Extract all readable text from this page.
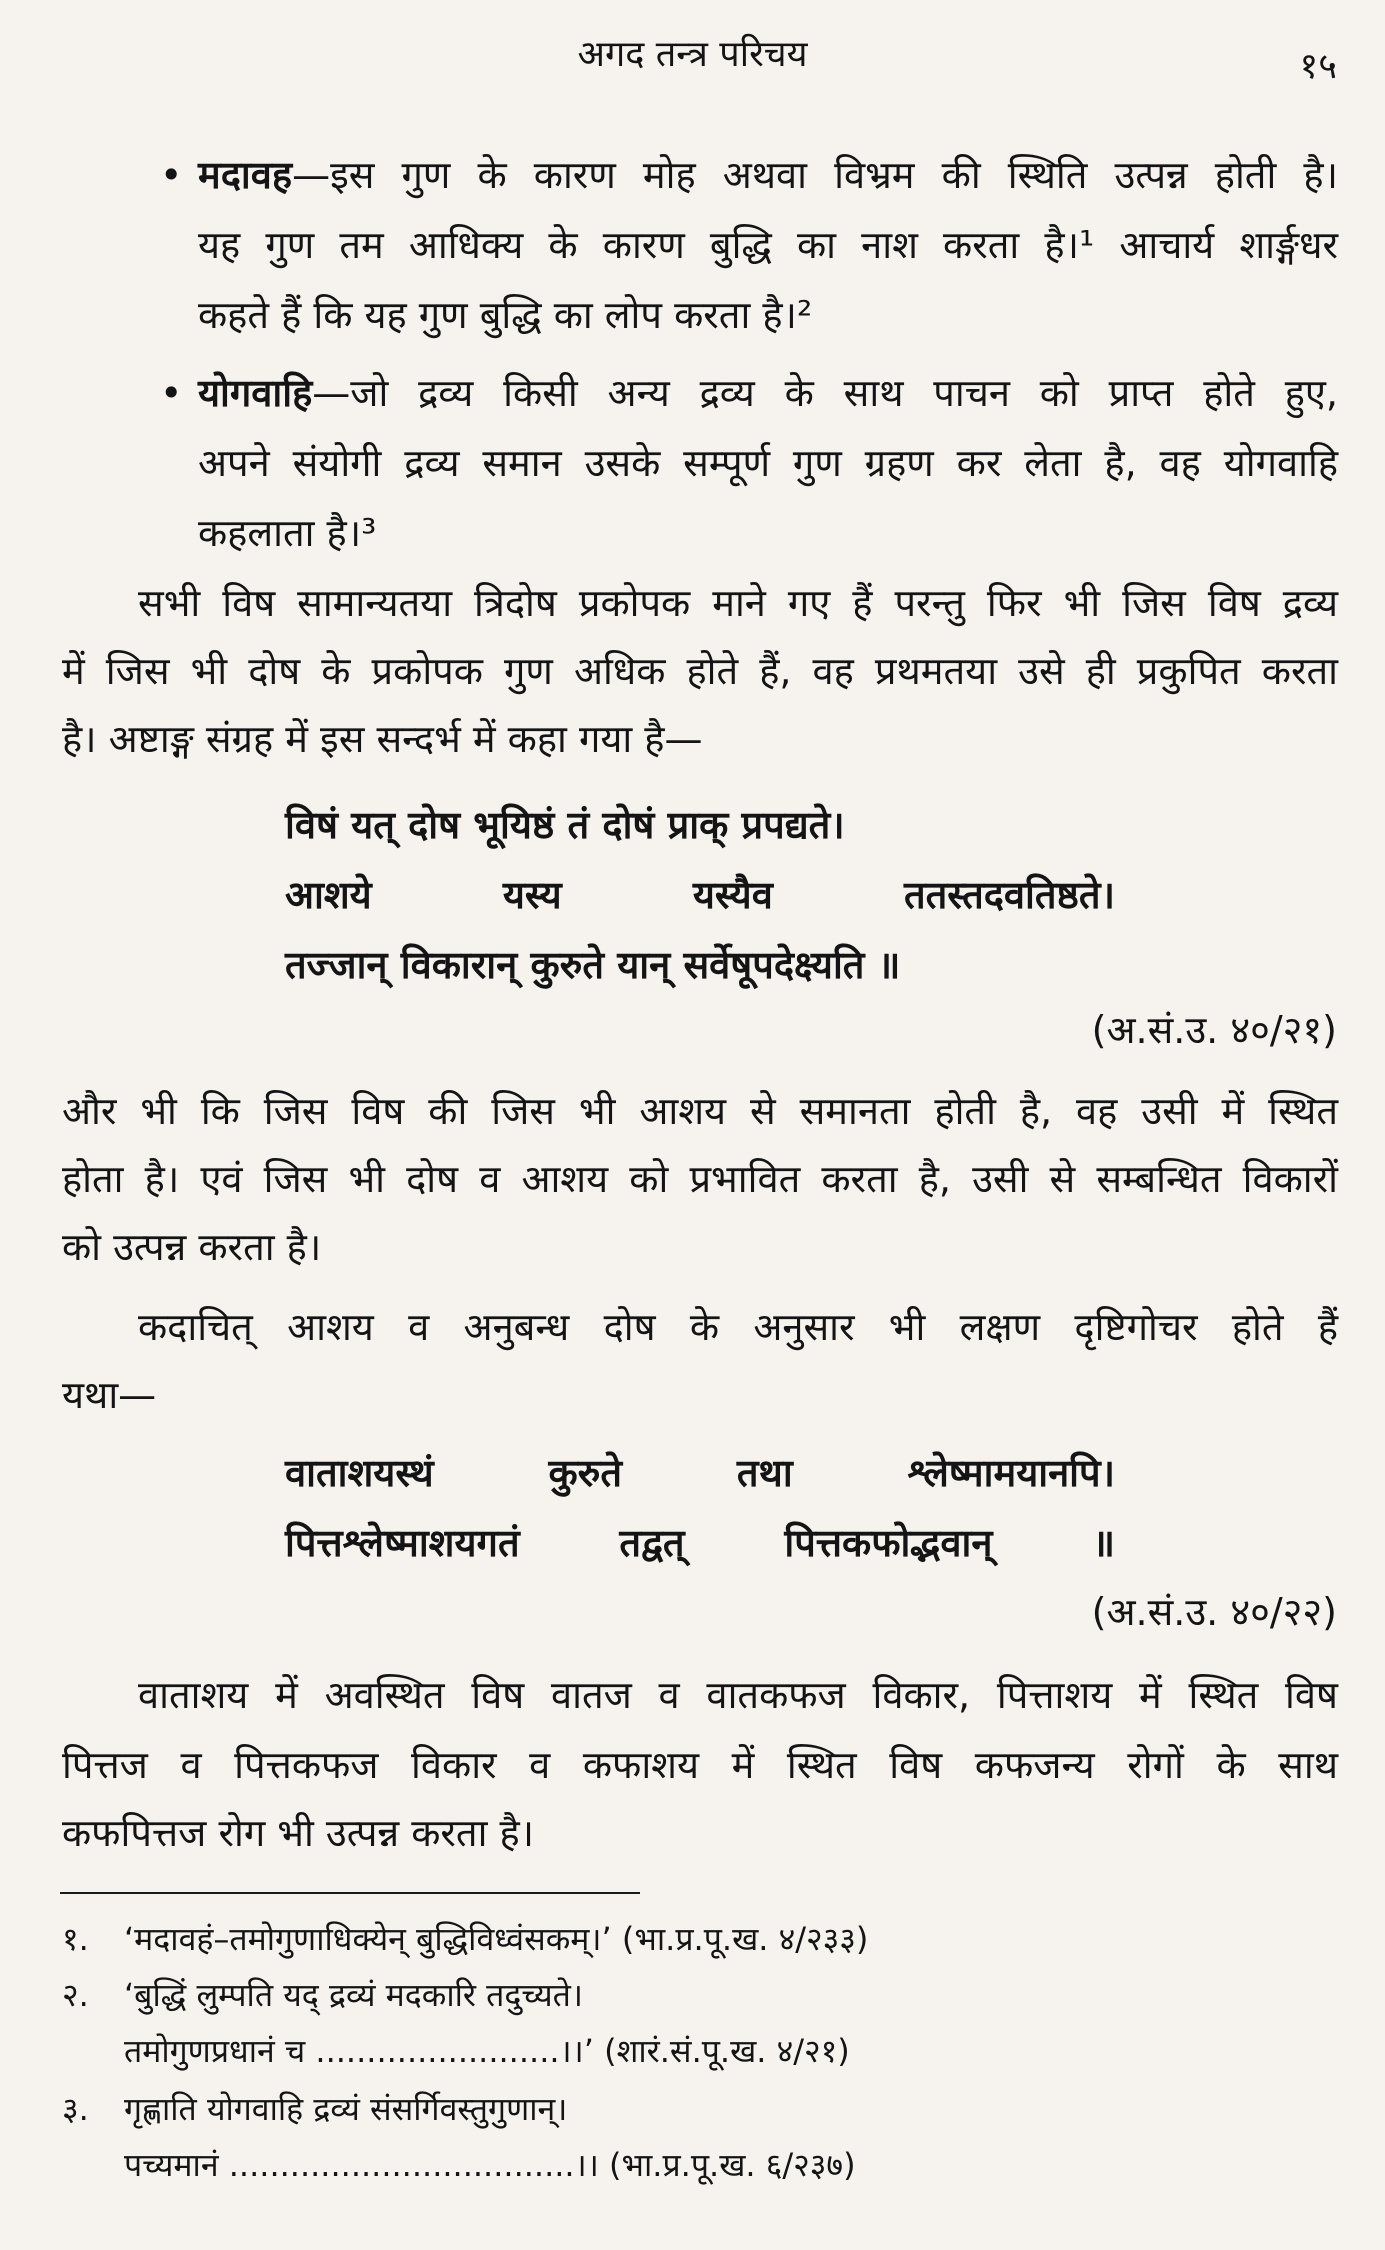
अगद तन्त्र परिचय	१५
• मदावह—इस गुण के कारण मोह अथवा विभ्रम की स्थिति उत्पन्न होती है।
यह गुण तम आधिक्य के कारण बुद्धि का नाश करता है।¹ आचार्य शार्ङ्गधर
कहते हैं कि यह गुण बुद्धि का लोप करता है।²
• योगवाहि—जो द्रव्य किसी अन्य द्रव्य के साथ पाचन को प्राप्त होते हुए,
अपने संयोगी द्रव्य समान उसके सम्पूर्ण गुण ग्रहण कर लेता है, वह योगवाहि
कहलाता है।³
सभी विष सामान्यतया त्रिदोष प्रकोपक माने गए हैं परन्तु फिर भी जिस विष द्रव्य
में जिस भी दोष के प्रकोपक गुण अधिक होते हैं, वह प्रथमतया उसे ही प्रकुपित करता
है। अष्टाङ्ग संग्रह में इस सन्दर्भ में कहा गया है—
विषं यत् दोष भूयिष्ठं तं दोषं प्राक् प्रपद्यते।
आशये यस्य यस्यैव ततस्तदवतिष्ठते।
तज्जान् विकारान् कुरुते यान् सर्वेषूपदेक्ष्यति ॥
(अ.सं.उ. ४०/२१)
और भी कि जिस विष की जिस भी आशय से समानता होती है, वह उसी में स्थित
होता है। एवं जिस भी दोष व आशय को प्रभावित करता है, उसी से सम्बन्धित विकारों
को उत्पन्न करता है।
कदाचित् आशय व अनुबन्ध दोष के अनुसार भी लक्षण दृष्टिगोचर होते हैं
यथा—
वाताशयस्थं कुरुते तथा श्लेष्मामयानपि।
पित्तश्लेष्माशयगतं तद्वत् पित्तकफोद्भवान् ॥
(अ.सं.उ. ४०/२२)
वाताशय में अवस्थित विष वातज व वातकफज विकार, पित्ताशय में स्थित विष
पित्तज व पित्तकफज विकार व कफाशय में स्थित विष कफजन्य रोगों के साथ
कफपित्तज रोग भी उत्पन्न करता है।
१. ‘मदावहं–तमोगुणाधिक्येन् बुद्धिविध्वंसकम्।’ (भा.प्र.पू.ख. ४/२३३)
२. ‘बुद्धिं लुम्पति यद् द्रव्यं मदकारि तदुच्यते।
तमोगुणप्रधानं च ........................।।’ (शारं.सं.पू.ख. ४/२१)
३. गृह्णाति योगवाहि द्रव्यं संसर्गिवस्तुगुणान्।
पच्यमानं ..................................।। (भा.प्र.पू.ख. ६/२३७)
